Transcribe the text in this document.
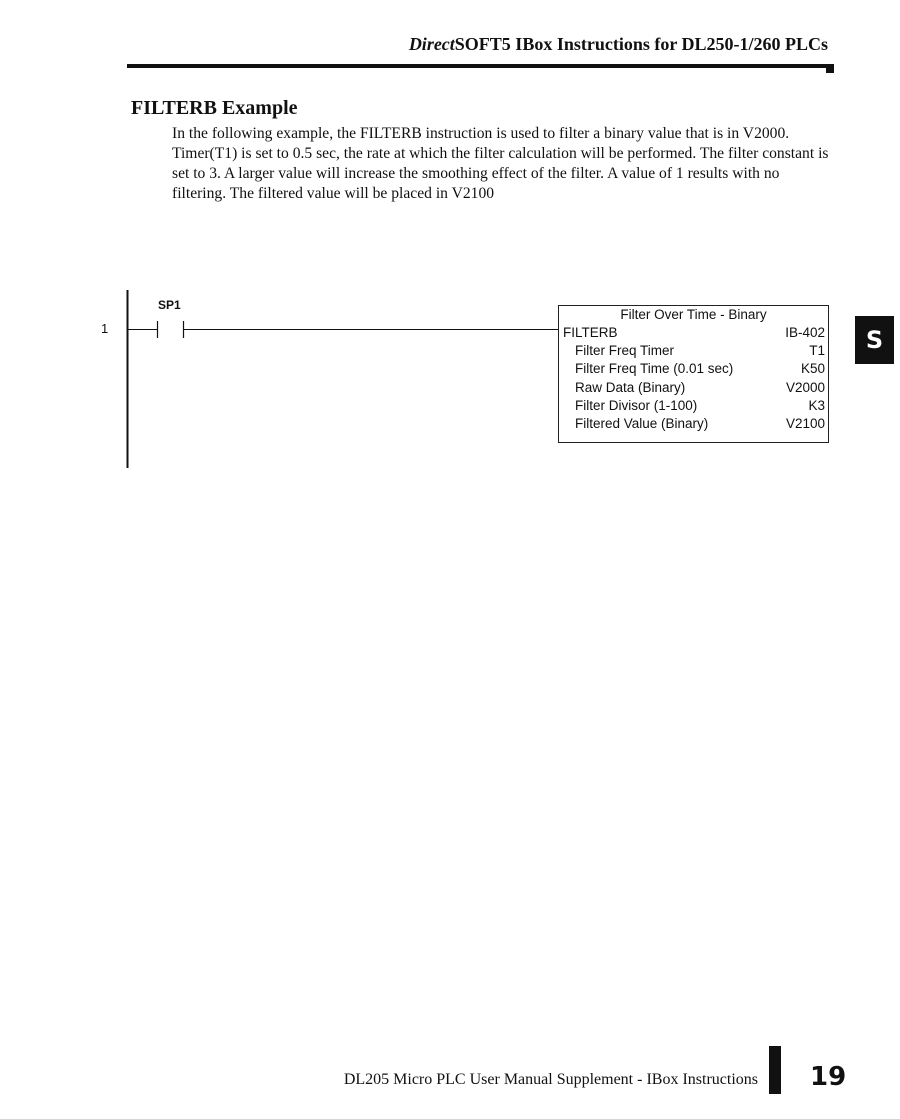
DirectSOFT5 IBox Instructions for DL250-1/260 PLCs
FILTERB Example

In the following example, the FILTERB instruction is used to filter a binary value that is in V2000. Timer(T1) is set to 0.5 sec, the rate at which the filter calculation will be performed. The filter constant is set to 3. A larger value will increase the smoothing effect of the filter. A value of 1 results with no filtering. The filtered value will be placed in V2100

S
1
SP1
Filter Over Time - Binary
FILTERB	IB-402
Filter Freq Timer	T1
Filter Freq Time (0.01 sec)	K50
Raw Data (Binary)	V2000
Filter Divisor (1-100)	K3
Filtered Value (Binary)	V2100
DL205 Micro PLC User Manual Supplement - IBox Instructions 19
